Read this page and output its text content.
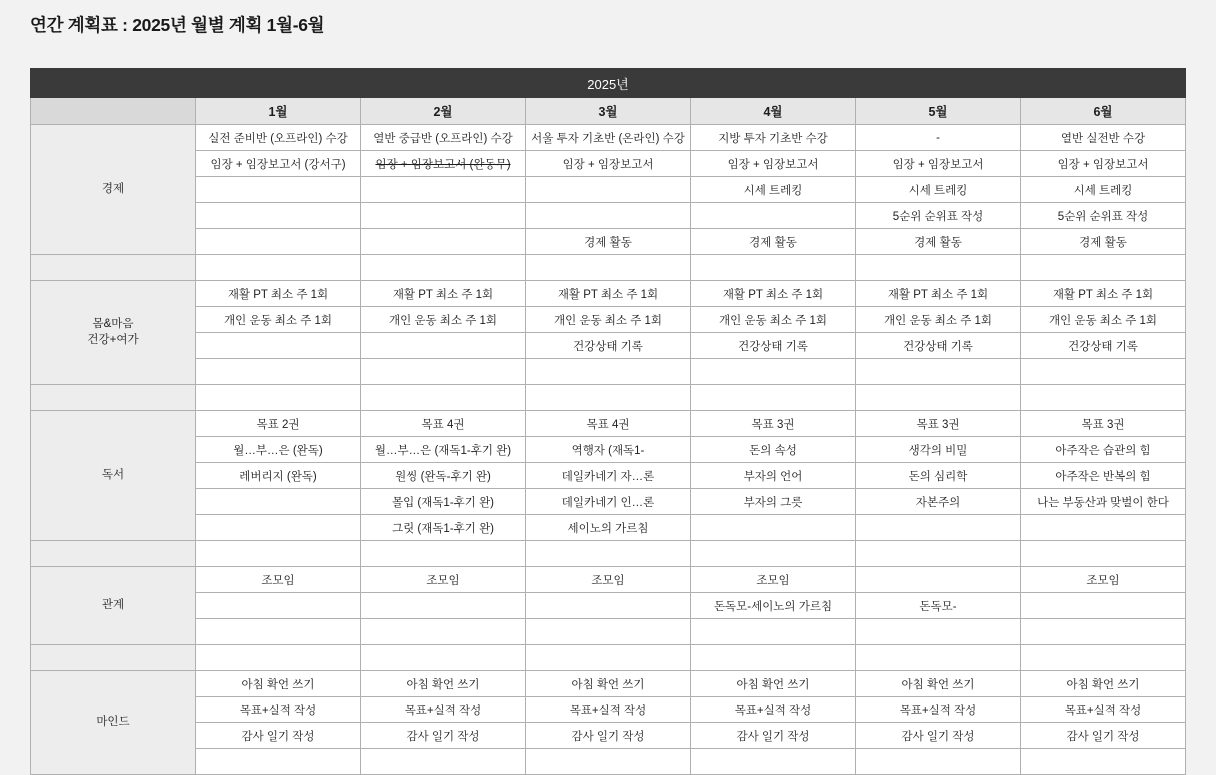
연간 계획표 : 2025년 월별 계획 1월-6월
2025년						
	1월	2월	3월	4월	5월	6월
경제	실전 준비반 (오프라인) 수강	열반 중급반 (오프라인) 수강	서울 투자 기초반 (온라인) 수강	지방 투자 기초반 수강	-	열반 실전반 수강
	임장 + 임장보고서 (강서구)	임장 + 임장보고서 (완동무)	임장 + 임장보고서	임장 + 임장보고서	임장 + 임장보고서	임장 + 임장보고서
				시세 트레킹	시세 트레킹	시세 트레킹
					5순위 순위표 작성	5순위 순위표 작성
			경제 활동	경제 활동	경제 활동	경제 활동

몸&마음
건강+여가	재활 PT 최소 주 1회	재활 PT 최소 주 1회	재활 PT 최소 주 1회	재활 PT 최소 주 1회	재활 PT 최소 주 1회	재활 PT 최소 주 1회
	개인 운동 최소 주 1회	개인 운동 최소 주 1회	개인 운동 최소 주 1회	개인 운동 최소 주 1회	개인 운동 최소 주 1회	개인 운동 최소 주 1회
			건강상태 기록	건강상태 기록	건강상태 기록	건강상태 기록

독서	목표 2권	목표 4권	목표 4권	목표 3권	목표 3권	목표 3권
	월…부…은 (완독)	월…부…은 (재독1-후기 완)	역행자 (재독1-	돈의 속성	생각의 비밀	아주작은 습관의 힘
	레버리지 (완독)	원씽 (완독-후기 완)	데일카네기 자…론	부자의 언어	돈의 심리학	아주작은 반복의 힘
		몰입 (재독1-후기 완)	데일카네기 인…론	부자의 그릇	자본주의	나는 부동산과 맞벌이 한다
		그릿 (재독1-후기 완)	세이노의 가르침			

관계	조모임	조모임	조모임	조모임		조모임
				돈독모-세이노의 가르침	돈독모-	

마인드	아침 확언 쓰기	아침 확언 쓰기	아침 확언 쓰기	아침 확언 쓰기	아침 확언 쓰기	아침 확언 쓰기
	목표+실적 작성	목표+실적 작성	목표+실적 작성	목표+실적 작성	목표+실적 작성	목표+실적 작성
	감사 일기 작성	감사 일기 작성	감사 일기 작성	감사 일기 작성	감사 일기 작성	감사 일기 작성
